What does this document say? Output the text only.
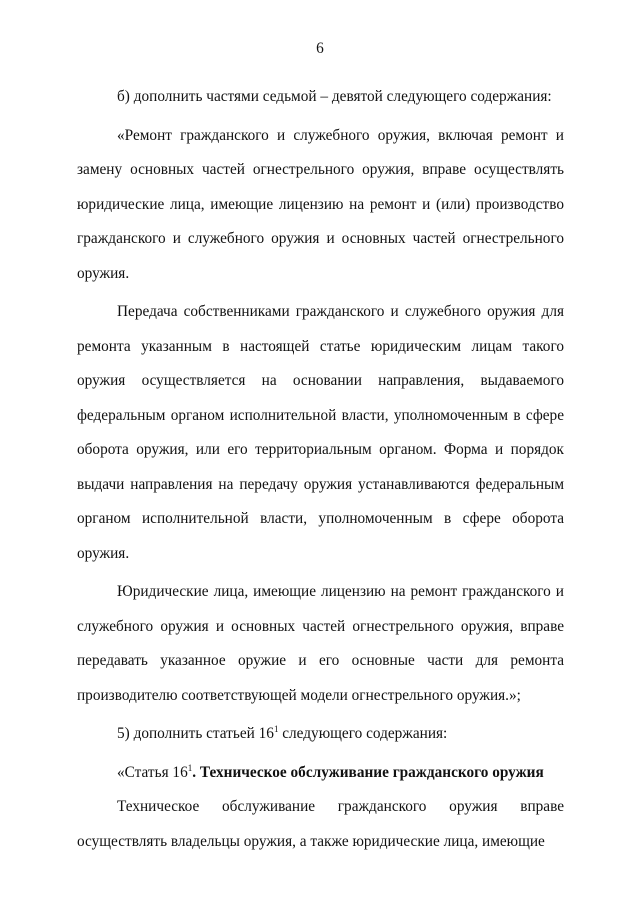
6

б) дополнить частями седьмой – девятой следующего содержания:

«Ремонт гражданского и служебного оружия, включая ремонт и замену основных частей огнестрельного оружия, вправе осуществлять юридические лица, имеющие лицензию на ремонт и (или) производство гражданского и служебного оружия и основных частей огнестрельного оружия.

Передача собственниками гражданского и служебного оружия для ремонта указанным в настоящей статье юридическим лицам такого оружия осуществляется на основании направления, выдаваемого федеральным органом исполнительной власти, уполномоченным в сфере оборота оружия, или его территориальным органом. Форма и порядок выдачи направления на передачу оружия устанавливаются федеральным органом исполнительной власти, уполномоченным в сфере оборота оружия.

Юридические лица, имеющие лицензию на ремонт гражданского и служебного оружия и основных частей огнестрельного оружия, вправе передавать указанное оружие и его основные части для ремонта производителю соответствующей модели огнестрельного оружия.»;

5) дополнить статьей $16^1$ следующего содержания:

«Статья $16^1$. Техническое обслуживание гражданского оружия

Техническое обслуживание гражданского оружия вправе осуществлять владельцы оружия, а также юридические лица, имеющие
